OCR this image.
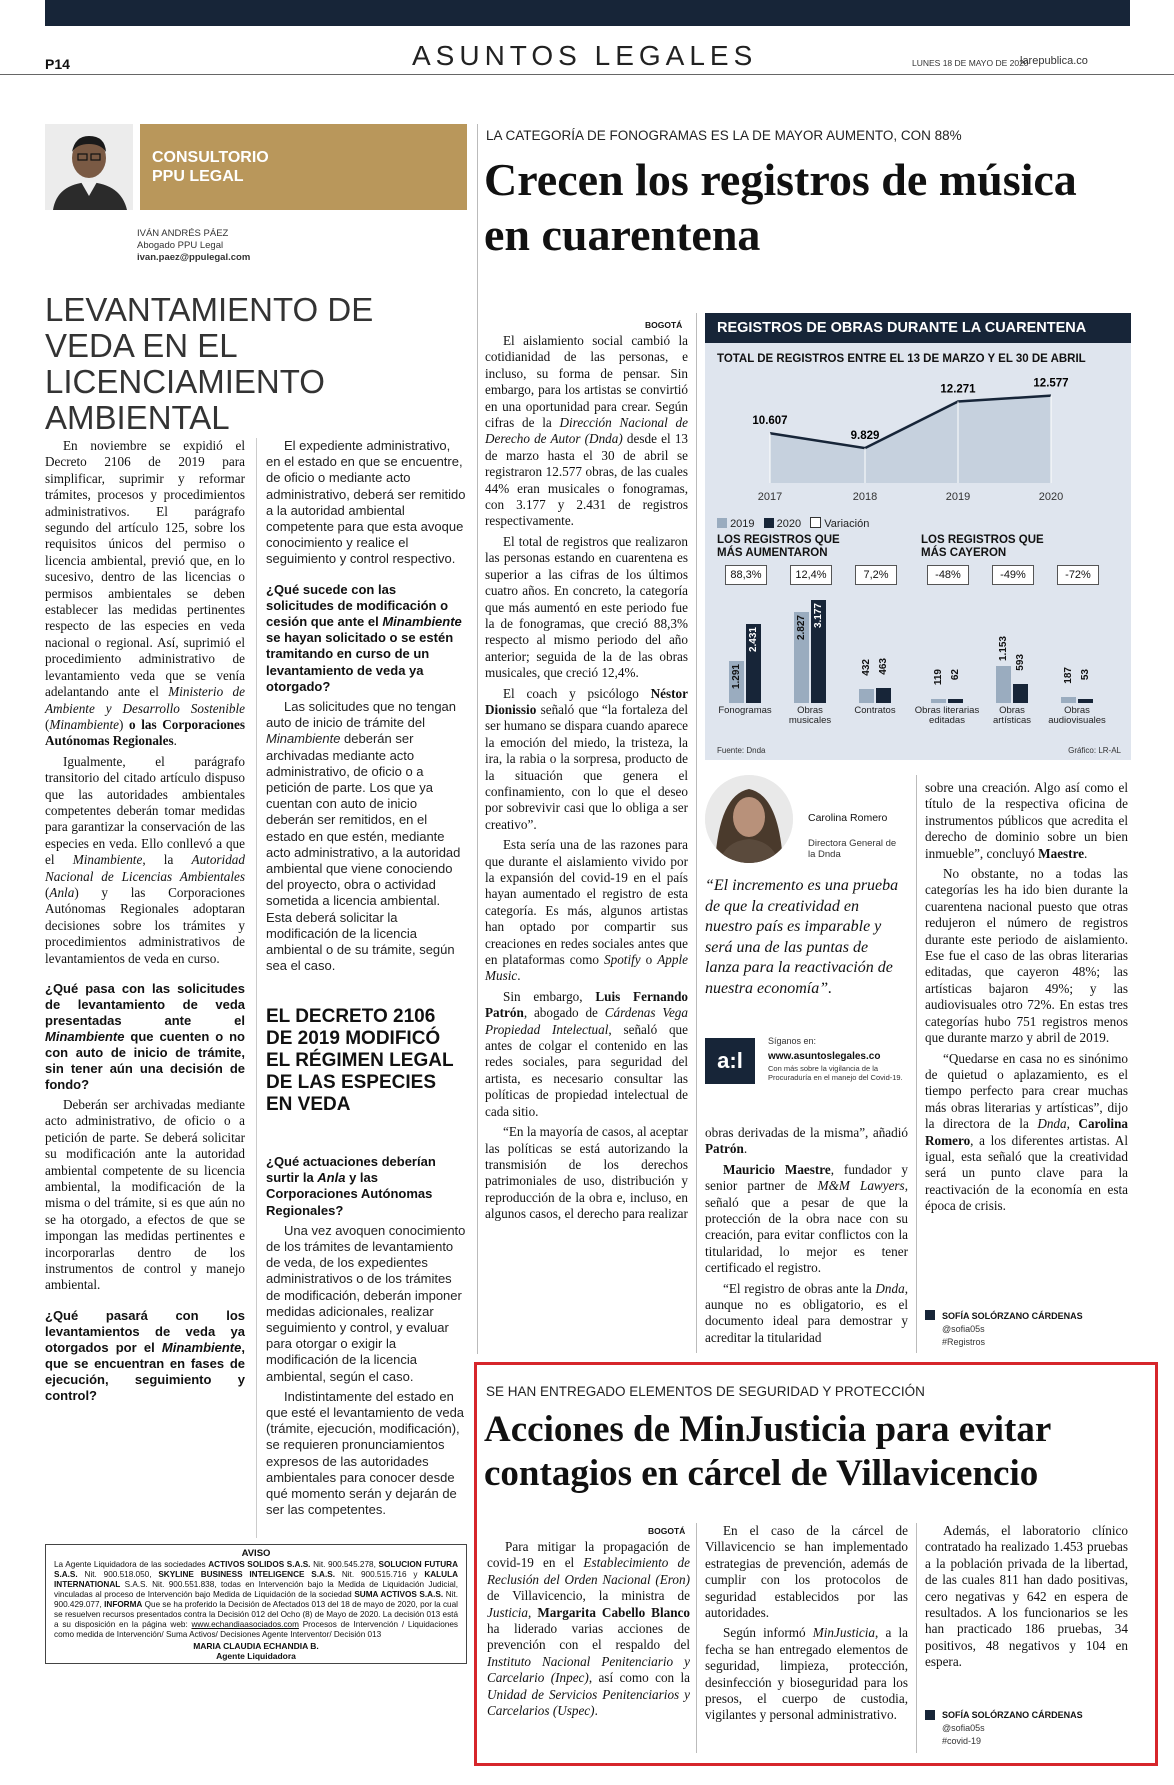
P14	ASUNTOS LEGALES	LUNES 18 DE MAYO DE 2020
larepublica.co
CONSULTORIO PPU LEGAL
IVÁN ANDRÉS PÁEZ
Abogado PPU Legal
ivan.paez@ppulegal.com
LEVANTAMIENTO DE VEDA EN EL LICENCIAMIENTO AMBIENTAL

En noviembre se expidió el Decreto 2106 de 2019 para simplificar, suprimir y reformar trámites, procesos y procedimientos administrativos. El parágrafo segundo del artículo 125, sobre los requisitos únicos del permiso o licencia ambiental, previó que, en lo sucesivo, dentro de las licencias o permisos ambientales se deben establecer las medidas pertinentes respecto de las especies en veda nacional o regional. Así, suprimió el procedimiento administrativo de levantamiento veda que se venía adelantando ante el Ministerio de Ambiente y Desarrollo Sostenible (Minambiente) o las Corporaciones Autónomas Regionales.

Igualmente, el parágrafo transitorio del citado artículo dispuso que las autoridades ambientales competentes deberán tomar medidas para garantizar la conservación de las especies en veda. Ello conllevó a que el Minambiente, la Autoridad Nacional de Licencias Ambientales (Anla) y las Corporaciones Autónomas Regionales adoptaran decisiones sobre los trámites y procedimientos administrativos de levantamientos de veda en curso.

¿Qué pasa con las solicitudes de levantamiento de veda presentadas ante el Minambiente que cuenten o no con auto de inicio de trámite, sin tener aún una decisión de fondo?

Deberán ser archivadas mediante acto administrativo, de oficio o a petición de parte. Se deberá solicitar su modificación ante la autoridad ambiental competente de su licencia ambiental, la modificación de la misma o del trámite, si es que aún no se ha otorgado, a efectos de que se impongan las medidas pertinentes e incorporarlas dentro de los instrumentos de control y manejo ambiental.

¿Qué pasará con los levantamientos de veda ya otorgados por el Minambiente, que se encuentran en fases de ejecución, seguimiento y control?

El expediente administrativo, en el estado en que se encuentre, de oficio o mediante acto administrativo, deberá ser remitido a la autoridad ambiental competente para que esta avoque conocimiento y realice el seguimiento y control respectivo.

¿Qué sucede con las solicitudes de modificación o cesión que ante el Minambiente se hayan solicitado o se estén tramitando en curso de un levantamiento de veda ya otorgado?

Las solicitudes que no tengan auto de inicio de trámite del Minambiente deberán ser archivadas mediante acto administrativo, de oficio o a petición de parte. Los que ya cuentan con auto de inicio deberán ser remitidos, en el estado en que estén, mediante acto administrativo, a la autoridad ambiental que viene conociendo del proyecto, obra o actividad sometida a licencia ambiental. Esta deberá solicitar la modificación de la licencia ambiental o de su trámite, según sea el caso.

EL DECRETO 2106 DE 2019 MODIFICÓ EL RÉGIMEN LEGAL DE LAS ESPECIES EN VEDA

¿Qué actuaciones deberían surtir la Anla y las Corporaciones Autónomas Regionales?

Una vez avoquen conocimiento de los trámites de levantamiento de veda, de los expedientes administrativos o de los trámites de modificación, deberán imponer medidas adicionales, realizar seguimiento y control, y evaluar para otorgar o exigir la modificación de la licencia ambiental, según el caso.

Indistintamente del estado en que esté el levantamiento de veda (trámite, ejecución, modificación), se requieren pronunciamientos expresos de las autoridades ambientales para conocer desde qué momento serán y dejarán de ser las competentes.

AVISO
La Agente Liquidadora de las sociedades ACTIVOS SOLIDOS S.A.S. Nit. 900.545.278, SOLUCION FUTURA S.A.S. Nit. 900.518.050, SKYLINE BUSINESS INTELIGENCE S.A.S. Nit. 900.515.716 y KALULA INTERNATIONAL S.A.S. Nit. 900.551.838, todas en Intervención bajo la Medida de Liquidación Judicial, vinculadas al proceso de Intervención bajo Medida de Liquidación de la sociedad SUMA ACTIVOS S.A.S. Nit. 900.429.077, INFORMA Que se ha proferido la Decisión de Afectados 013 del 18 de mayo de 2020, por la cual se resuelven recursos presentados contra la Decisión 012 del Ocho (8) de Mayo de 2020. La decisión 013 está a su disposición en la página web: www.echandiaasociados.com Procesos de Intervención / Liquidaciones como medida de Intervención/ Suma Activos/ Decisiones Agente Interventor/ Decisión 013
MARIA CLAUDIA ECHANDIA B.
Agente Liquidadora
LA CATEGORÍA DE FONOGRAMAS ES LA DE MAYOR AUMENTO, CON 88%
Crecen los registros de música en cuarentena
BOGOTÁ

El aislamiento social cambió la cotidianidad de las personas, e incluso, su forma de pensar. Sin embargo, para los artistas se convirtió en una oportunidad para crear. Según cifras de la Dirección Nacional de Derecho de Autor (Dnda) desde el 13 de marzo hasta el 30 de abril se registraron 12.577 obras, de las cuales 44% eran musicales o fonogramas, con 3.177 y 2.431 de registros respectivamente.

El total de registros que realizaron las personas estando en cuarentena es superior a las cifras de los últimos cuatro años. En concreto, la categoría que más aumentó en este periodo fue la de fonogramas, que creció 88,3% respecto al mismo periodo del año anterior; seguida de la de las obras musicales, que creció 12,4%.

El coach y psicólogo Néstor Dionissio señaló que “la fortaleza del ser humano se dispara cuando aparece la emoción del miedo, la tristeza, la ira, la rabia o la sorpresa, producto de la situación que genera el confinamiento, con lo que el deseo por sobrevivir casi que lo obliga a ser creativo”.

Esta sería una de las razones para que durante el aislamiento vivido por la expansión del covid-19 en el país hayan aumentado el registro de esta categoría. Es más, algunos artistas han optado por compartir sus creaciones en redes sociales antes que en plataformas como Spotify o Apple Music.

Sin embargo, Luis Fernando Patrón, abogado de Cárdenas Vega Propiedad Intelectual, señaló que antes de colgar el contenido en las redes sociales, para seguridad del artista, es necesario consultar las políticas de propiedad intelectual de cada sitio.

“En la mayoría de casos, al aceptar las políticas se está autorizando la transmisión de los derechos patrimoniales de uso, distribución y reproducción de la obra e, incluso, en algunos casos, el derecho para realizar

REGISTROS DE OBRAS DURANTE LA CUARENTENA
TOTAL DE REGISTROS ENTRE EL 13 DE MARZO Y EL 30 DE ABRIL
10.607
2017
9.829
2018
12.271
2019
12.577
2020
2019 2020 Variación
LOS REGISTROS QUE MÁS AUMENTARON
LOS REGISTROS QUE MÁS CAYERON
88,3%
1.291
2.431
Fonogramas
12,4%
2.827 3.177
Obras musicales
7,2%
432 463
Contratos
-48%
119 62
Obras literarias editadas
-49%
1.153
593
Obras artísticas
-72%
187 53
Obras audiovisuales
Fuente: Dnda	Gráfico: LR-AL
Carolina Romero
Directora General de la Dnda
“El incremento es una prueba de que la creatividad en nuestro país es imparable y será una de las puntas de lanza para la reactivación de nuestra economía”.
a:l
Síganos en:
www.asuntoslegales.co
Con más sobre la vigilancia de la Procuraduría en el manejo del Covid-19.

obras derivadas de la misma”, añadió Patrón.

Mauricio Maestre, fundador y senior partner de M&M Lawyers, señaló que a pesar de que la protección de la obra nace con su creación, para evitar conflictos con la titularidad, lo mejor es tener certificado el registro.

“El registro de obras ante la Dnda, aunque no es obligatorio, es el documento ideal para demostrar y acreditar la titularidad

sobre una creación. Algo así como el título de la respectiva oficina de instrumentos públicos que acredita el derecho de dominio sobre un bien inmueble”, concluyó Maestre.

No obstante, no a todas las categorías les ha ido bien durante la cuarentena nacional puesto que otras redujeron el número de registros durante este periodo de aislamiento. Ese fue el caso de las obras literarias editadas, que cayeron 48%; las artísticas bajaron 49%; y las audiovisuales otro 72%. En estas tres categorías hubo 751 registros menos que durante marzo y abril de 2019.

“Quedarse en casa no es sinónimo de quietud o aplazamiento, es el tiempo perfecto para crear muchas más obras literarias y artísticas”, dijo la directora de la Dnda, Carolina Romero, a los diferentes artistas. Al igual, esta señaló que la creatividad será un punto clave para la reactivación de la economía en esta época de crisis.

SOFÍA SOLÓRZANO CÁRDENAS
@sofia05s
#Registros
SE HAN ENTREGADO ELEMENTOS DE SEGURIDAD Y PROTECCIÓN
Acciones de MinJusticia para evitar contagios en cárcel de Villavicencio
BOGOTÁ

Para mitigar la propagación de covid-19 en el Establecimiento de Reclusión del Orden Nacional (Eron) de Villavicencio, la ministra de Justicia, Margarita Cabello Blanco ha liderado varias acciones de prevención con el respaldo del Instituto Nacional Penitenciario y Carcelario (Inpec), así como con la Unidad de Servicios Penitenciarios y Carcelarios (Uspec).

En el caso de la cárcel de Villavicencio se han implementado estrategias de prevención, además de cumplir con los protocolos de seguridad establecidos por las autoridades.

Según informó MinJusticia, a la fecha se han entregado elementos de seguridad, limpieza, protección, desinfección y bioseguridad para los presos, el cuerpo de custodia, vigilantes y personal administrativo.

Además, el laboratorio clínico contratado ha realizado 1.453 pruebas a la población privada de la libertad, de las cuales 811 han dado positivas, cero negativas y 642 en espera de resultados. A los funcionarios se les han practicado 186 pruebas, 34 positivos, 48 negativos y 104 en espera.

SOFÍA SOLÓRZANO CÁRDENAS
@sofia05s
#covid-19
